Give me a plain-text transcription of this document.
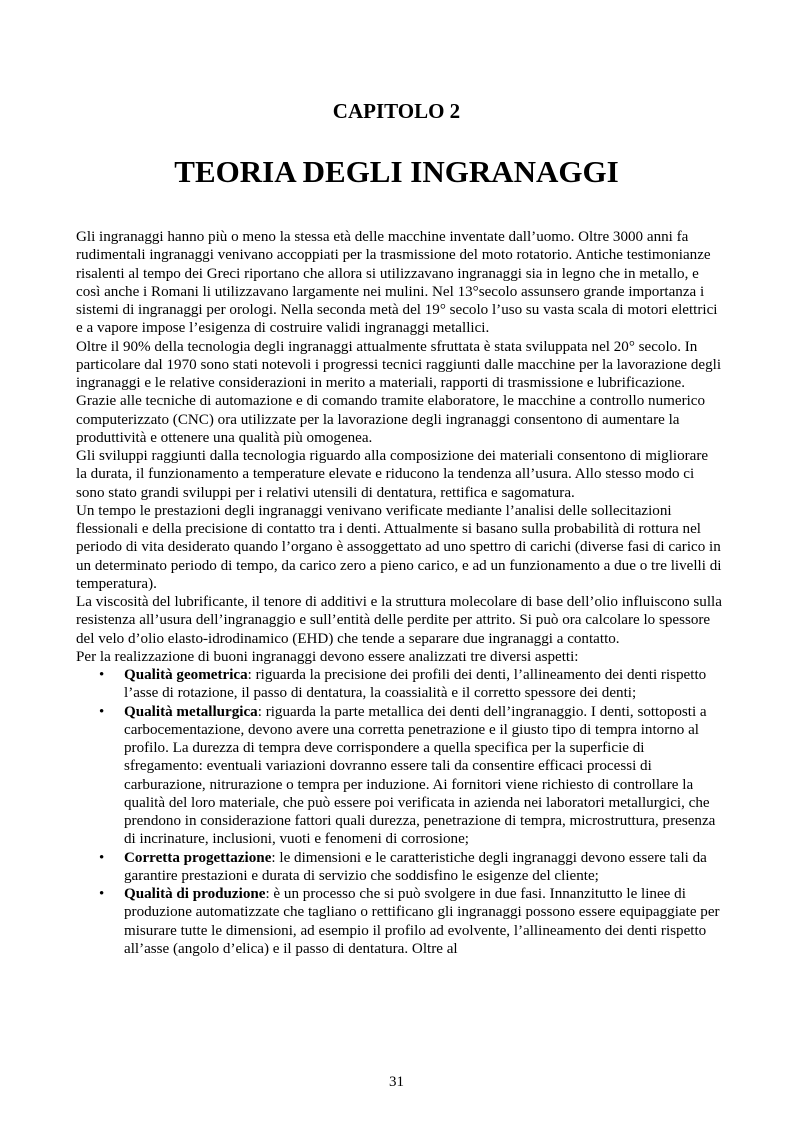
CAPITOLO 2
TEORIA DEGLI INGRANAGGI

Gli ingranaggi hanno più o meno la stessa età delle macchine inventate dall’uomo. Oltre 3000 anni fa rudimentali ingranaggi venivano accoppiati per la trasmissione del moto rotatorio. Antiche testimonianze risalenti al tempo dei Greci riportano che allora si utilizzavano ingranaggi sia in legno che in metallo, e così anche i Romani li utilizzavano largamente nei mulini. Nel 13°secolo assunsero grande importanza i sistemi di ingranaggi per orologi. Nella seconda metà del 19° secolo l’uso su vasta scala di motori elettrici e a vapore impose l’esigenza di costruire validi ingranaggi metallici.

Oltre il 90% della tecnologia degli ingranaggi attualmente sfruttata è stata sviluppata nel 20° secolo. In particolare dal 1970 sono stati notevoli i progressi tecnici raggiunti dalle macchine per la lavorazione degli ingranaggi e le relative considerazioni in merito a materiali, rapporti di trasmissione e lubrificazione.

Grazie alle tecniche di automazione e di comando tramite elaboratore, le macchine a controllo numerico computerizzato (CNC) ora utilizzate per la lavorazione degli ingranaggi consentono di aumentare la produttività e ottenere una qualità più omogenea.

Gli sviluppi raggiunti dalla tecnologia riguardo alla composizione dei materiali consentono di migliorare la durata, il funzionamento a temperature elevate e riducono la tendenza all’usura. Allo stesso modo ci sono stato grandi sviluppi per i relativi utensili di dentatura, rettifica e sagomatura.

Un tempo le prestazioni degli ingranaggi venivano verificate mediante l’analisi delle sollecitazioni flessionali e della precisione di contatto tra i denti. Attualmente si basano sulla probabilità di rottura nel periodo di vita desiderato quando l’organo è assoggettato ad uno spettro di carichi (diverse fasi di carico in un determinato periodo di tempo, da carico zero a pieno carico, e ad un funzionamento a due o tre livelli di temperatura).

La viscosità del lubrificante, il tenore di additivi e la struttura molecolare di base dell’olio influiscono sulla resistenza all’usura dell’ingranaggio e sull’entità delle perdite per attrito. Si può ora calcolare lo spessore del velo d’olio elasto-idrodinamico (EHD) che tende a separare due ingranaggi a contatto.

Per la realizzazione di buoni ingranaggi devono essere analizzati tre diversi aspetti:

• Qualità geometrica: riguarda la precisione dei profili dei denti, l’allineamento dei denti rispetto l’asse di rotazione, il passo di dentatura, la coassialità e il corretto spessore dei denti;
• Qualità metallurgica: riguarda la parte metallica dei denti dell’ingranaggio. I denti, sottoposti a carbocementazione, devono avere una corretta penetrazione e il giusto tipo di tempra intorno al profilo. La durezza di tempra deve corrispondere a quella specifica per la superficie di sfregamento: eventuali variazioni dovranno essere tali da consentire efficaci processi di carburazione, nitrurazione o tempra per induzione. Ai fornitori viene richiesto di controllare la qualità del loro materiale, che può essere poi verificata in azienda nei laboratori metallurgici, che prendono in considerazione fattori quali durezza, penetrazione di tempra, microstruttura, presenza di incrinature, inclusioni, vuoti e fenomeni di corrosione;
• Corretta progettazione: le dimensioni e le caratteristiche degli ingranaggi devono essere tali da garantire prestazioni e durata di servizio che soddisfino le esigenze del cliente;
• Qualità di produzione: è un processo che si può svolgere in due fasi. Innanzitutto le linee di produzione automatizzate che tagliano o rettificano gli ingranaggi possono essere equipaggiate per misurare tutte le dimensioni, ad esempio il profilo ad evolvente, l’allineamento dei denti rispetto all’asse (angolo d’elica) e il passo di dentatura. Oltre al
31
